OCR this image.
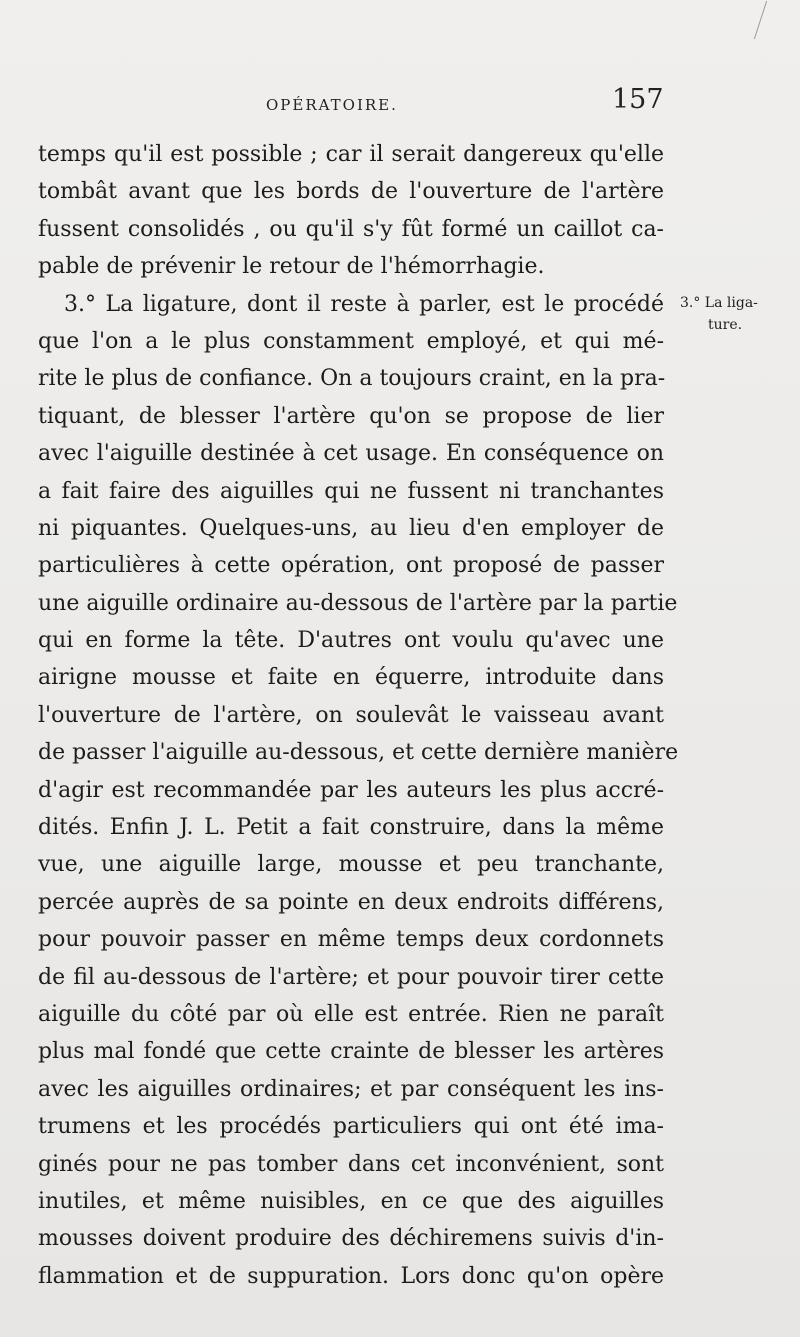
OPÉRATOIRE.	157
3.° La liga-
ture.
temps qu'il est possible ; car il serait dangereux qu'elle
tombât avant que les bords de l'ouverture de l'artère
fussent consolidés , ou qu'il s'y fût formé un caillot ca-
pable de prévenir le retour de l'hémorrhagie.
3.° La ligature, dont il reste à parler, est le procédé
que l'on a le plus constamment employé, et qui mé-
rite le plus de confiance. On a toujours craint, en la pra-
tiquant, de blesser l'artère qu'on se propose de lier
avec l'aiguille destinée à cet usage. En conséquence on
a fait faire des aiguilles qui ne fussent ni tranchantes
ni piquantes. Quelques-uns, au lieu d'en employer de
particulières à cette opération, ont proposé de passer
une aiguille ordinaire au-dessous de l'artère par la partie
qui en forme la tête. D'autres ont voulu qu'avec une
airigne mousse et faite en équerre, introduite dans
l'ouverture de l'artère, on soulevât le vaisseau avant
de passer l'aiguille au-dessous, et cette dernière manière
d'agir est recommandée par les auteurs les plus accré-
dités. Enfin J. L. Petit a fait construire, dans la même
vue, une aiguille large, mousse et peu tranchante,
percée auprès de sa pointe en deux endroits différens,
pour pouvoir passer en même temps deux cordonnets
de fil au-dessous de l'artère; et pour pouvoir tirer cette
aiguille du côté par où elle est entrée. Rien ne paraît
plus mal fondé que cette crainte de blesser les artères
avec les aiguilles ordinaires; et par conséquent les ins-
trumens et les procédés particuliers qui ont été ima-
ginés pour ne pas tomber dans cet inconvénient, sont
inutiles, et même nuisibles, en ce que des aiguilles
mousses doivent produire des déchiremens suivis d'in-
flammation et de suppuration. Lors donc qu'on opère
